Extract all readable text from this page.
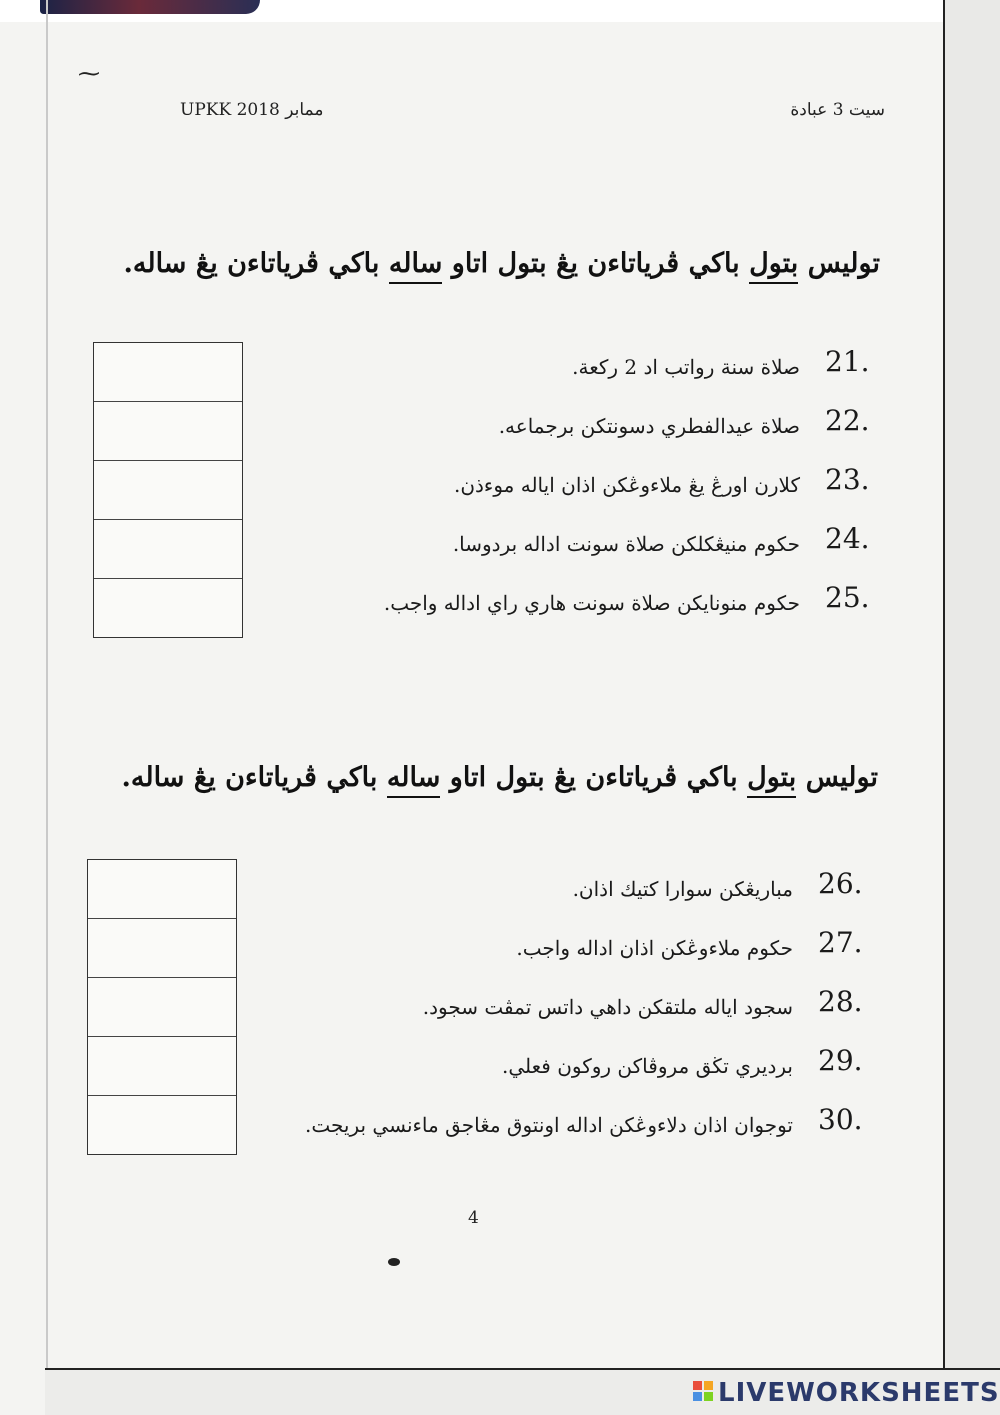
⁓
UPKK 2018 ممابر	سيت 3 عبادة
توليس بتول باكي ڤرياتاءن يڠ بتول اتاو ساله باكي ڤرياتاءن يڠ ساله.
21.
صلاة سنة رواتب اد 2 ركعة.
22.
صلاة عيدالفطري دسونتكن برجماعه.
23.
كلارن اورڠ يڠ ملاءوڠكن اذان اياله موءذن.
24.
حكوم منيڠكلكن صلاة سونت اداله بردوسا.
25.
حكوم منونايكن صلاة سونت هاري راي اداله واجب.
توليس بتول باكي ڤرياتاءن يڠ بتول اتاو ساله باكي ڤرياتاءن يڠ ساله.
26.
مباريڠكن سوارا كتيك اذان.
27.
حكوم ملاءوڠكن اذان اداله واجب.
28.
سجود اياله ملتقكن داهي داتس تمڤت سجود.
29.
برديري تڬق مروڤاكن روكون فعلي.
30.
توجوان اذان دلاءوڠكن اداله اونتوق مڠاجق ماءنسي بريجت.
4
LIVEWORKSHEETS
